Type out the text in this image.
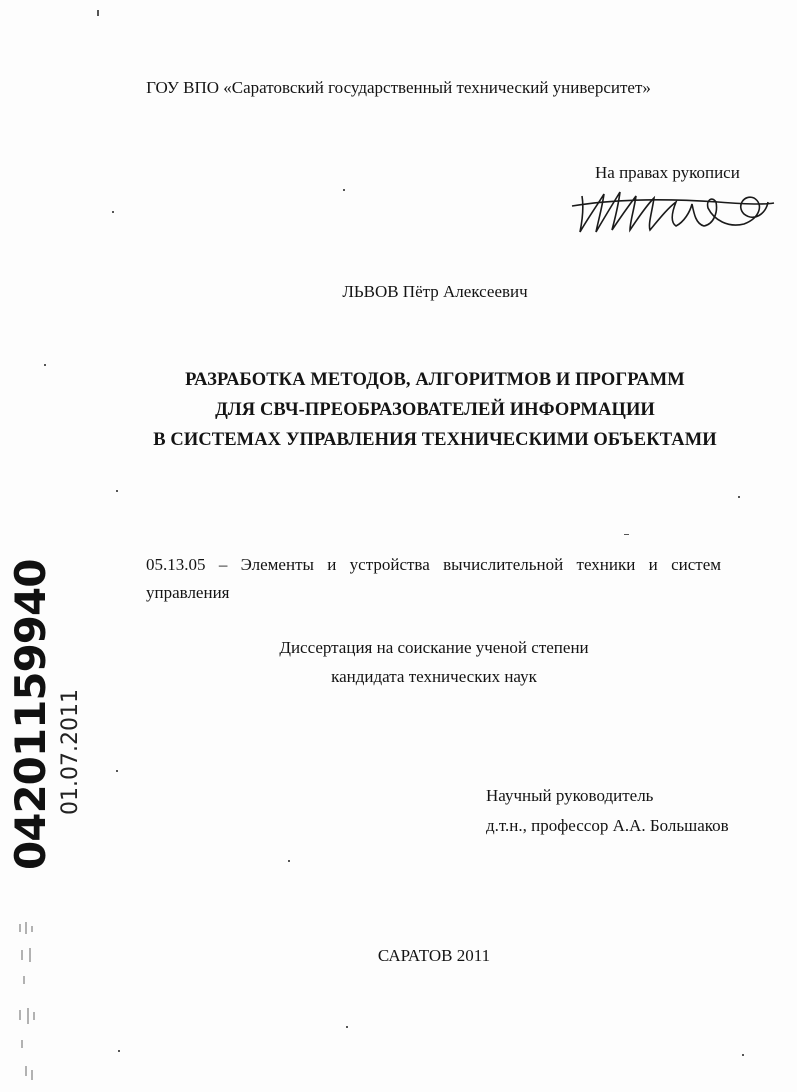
ГОУ ВПО «Саратовский государственный технический университет»
На правах рукописи
ЛЬВОВ Пётр Алексеевич
РАЗРАБОТКА МЕТОДОВ, АЛГОРИТМОВ И ПРОГРАММ
ДЛЯ СВЧ-ПРЕОБРАЗОВАТЕЛЕЙ ИНФОРМАЦИИ
В СИСТЕМАХ УПРАВЛЕНИЯ ТЕХНИЧЕСКИМИ ОБЪЕКТАМИ
05.13.05 – Элементы и устройства вычислительной техники и систем управления
Диссертация на соискание ученой степени
кандидата технических наук
Научный руководитель
д.т.н., профессор А.А. Большаков
САРАТОВ 2011
04201159940 01.07.2011
